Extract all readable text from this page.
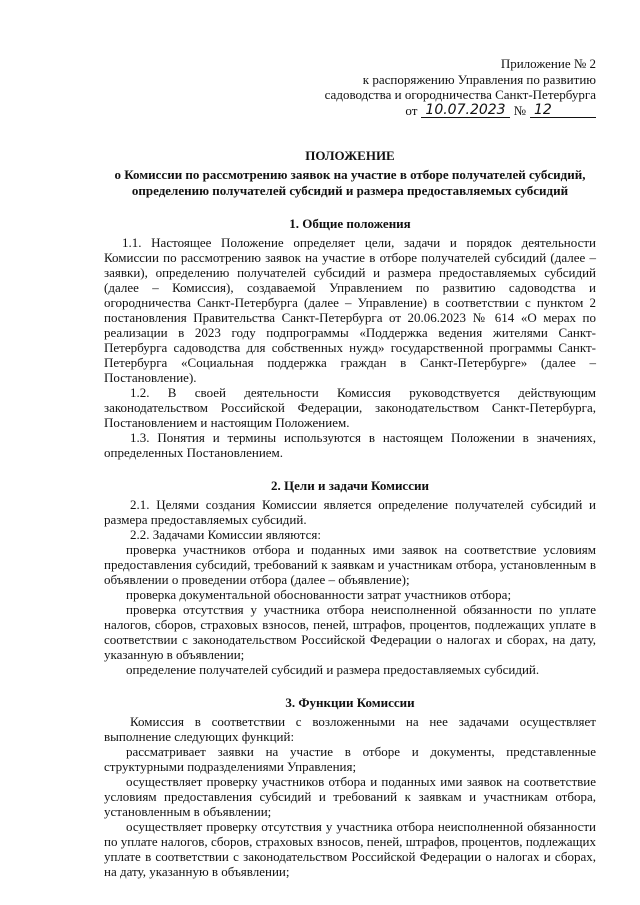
Приложение № 2
к распоряжению Управления по развитию
садоводства и огородничества Санкт-Петербурга
от 10.07.2023 № 12
ПОЛОЖЕНИЕ
о Комиссии по рассмотрению заявок на участие в отборе получателей субсидий, определению получателей субсидий и размера предоставляемых субсидий
1. Общие положения

1.1. Настоящее Положение определяет цели, задачи и порядок деятельности Комиссии по рассмотрению заявок на участие в отборе получателей субсидий (далее – заявки), определению получателей субсидий и размера предоставляемых субсидий (далее – Комиссия), создаваемой Управлением по развитию садоводства и огородничества Санкт-Петербурга (далее – Управление) в соответствии с пунктом 2 постановления Правительства Санкт-Петербурга от 20.06.2023 № 614 «О мерах по реализации в 2023 году подпрограммы «Поддержка ведения жителями Санкт-Петербурга садоводства для собственных нужд» государственной программы Санкт-Петербурга «Социальная поддержка граждан в Санкт-Петербурге» (далее – Постановление).

1.2. В своей деятельности Комиссия руководствуется действующим законодательством Российской Федерации, законодательством Санкт-Петербурга, Постановлением и настоящим Положением.

1.3. Понятия и термины используются в настоящем Положении в значениях, определенных Постановлением.

2. Цели и задачи Комиссии

2.1. Целями создания Комиссии является определение получателей субсидий и размера предоставляемых субсидий.

2.2. Задачами Комиссии являются:

проверка участников отбора и поданных ими заявок на соответствие условиям предоставления субсидий, требований к заявкам и участникам отбора, установленным в объявлении о проведении отбора (далее – объявление);

проверка документальной обоснованности затрат участников отбора;

проверка отсутствия у участника отбора неисполненной обязанности по уплате налогов, сборов, страховых взносов, пеней, штрафов, процентов, подлежащих уплате в соответствии с законодательством Российской Федерации о налогах и сборах, на дату, указанную в объявлении;

определение получателей субсидий и размера предоставляемых субсидий.

3. Функции Комиссии

Комиссия в соответствии с возложенными на нее задачами осуществляет выполнение следующих функций:

рассматривает заявки на участие в отборе и документы, представленные структурными подразделениями Управления;

осуществляет проверку участников отбора и поданных ими заявок на соответствие условиям предоставления субсидий и требований к заявкам и участникам отбора, установленным в объявлении;

осуществляет проверку отсутствия у участника отбора неисполненной обязанности по уплате налогов, сборов, страховых взносов, пеней, штрафов, процентов, подлежащих уплате в соответствии с законодательством Российской Федерации о налогах и сборах, на дату, указанную в объявлении;
